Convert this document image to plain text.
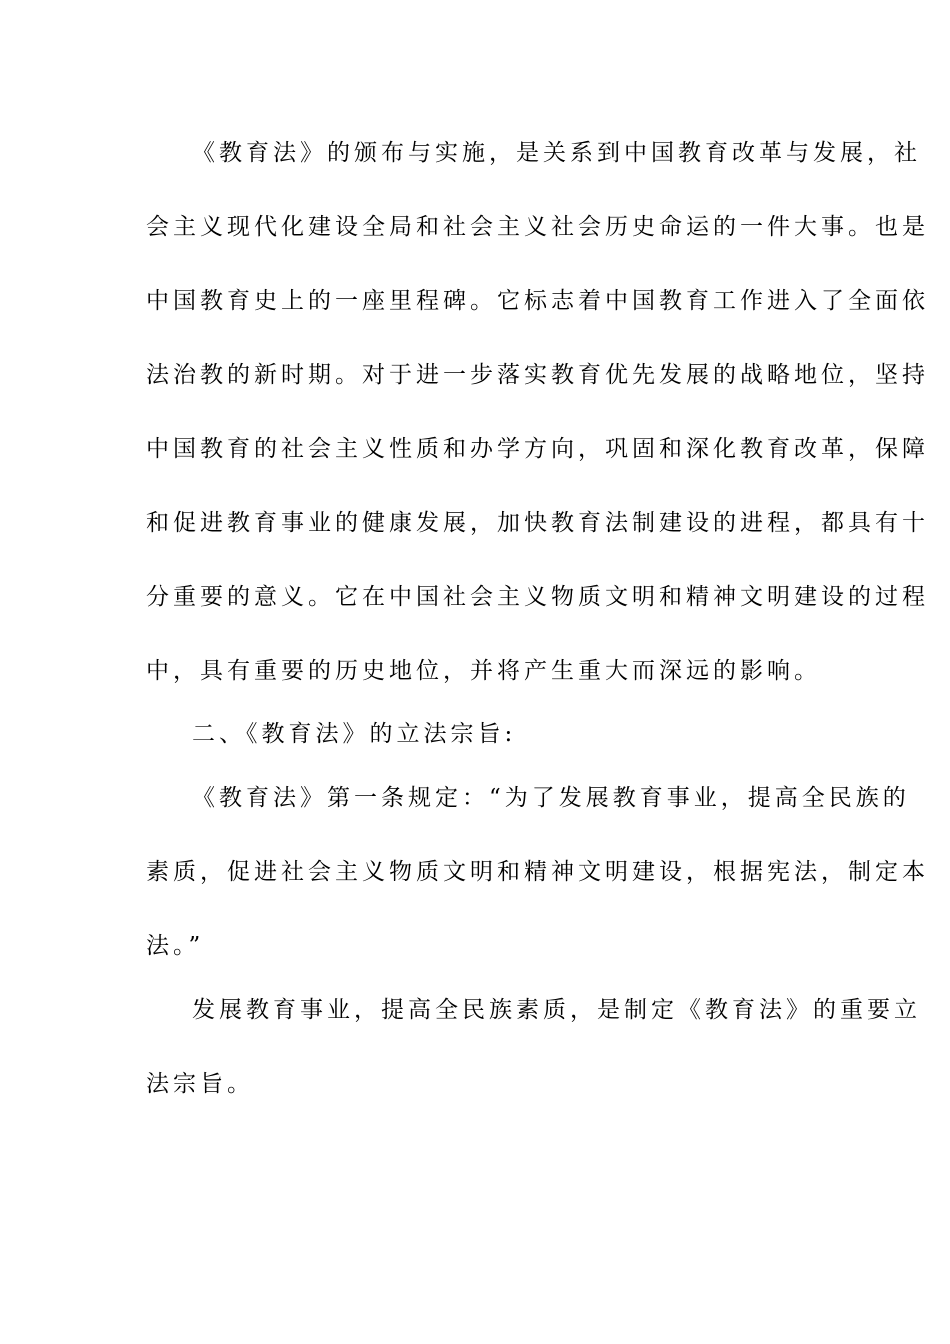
《教育法》的颁布与实施，是关系到中国教育改革与发展，社
会主义现代化建设全局和社会主义社会历史命运的一件大事。也是
中国教育史上的一座里程碑。它标志着中国教育工作进入了全面依
法治教的新时期。对于进一步落实教育优先发展的战略地位，坚持
中国教育的社会主义性质和办学方向，巩固和深化教育改革，保障
和促进教育事业的健康发展，加快教育法制建设的进程，都具有十
分重要的意义。它在中国社会主义物质文明和精神文明建设的过程
中，具有重要的历史地位，并将产生重大而深远的影响。
二、《教育法》的立法宗旨:
《教育法》第一条规定：“为了发展教育事业，提高全民族的
素质，促进社会主义物质文明和精神文明建设，根据宪法，制定本
法。”
发展教育事业，提高全民族素质，是制定《教育法》的重要立
法宗旨。
